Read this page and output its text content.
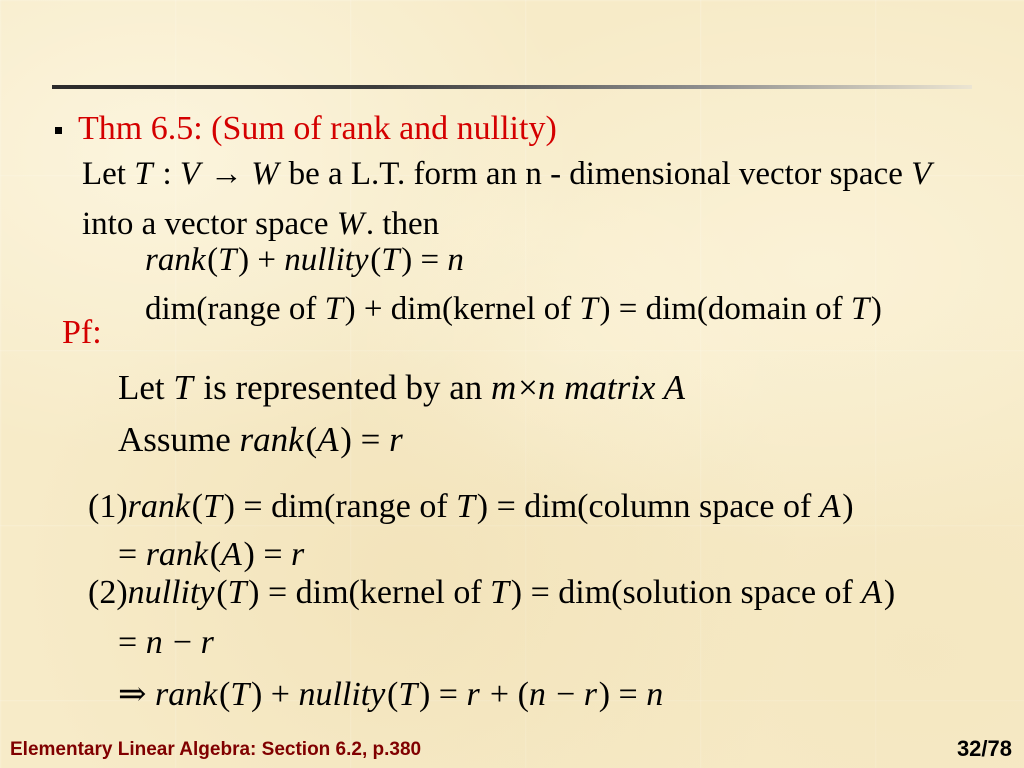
Thm 6.5: (Sum of rank and nullity)
Let T : V → W be a L.T. form an n - dimensional vector space V
into a vector space W. then
rank(T) + nullity(T) = n
dim(range of T) + dim(kernel of T) = dim(domain of T)
Pf:
Let T is represented by an m×n matrix A
Assume rank(A) = r
(1)rank(T) = dim(range of T) = dim(column space of A)
= rank(A) = r
(2)nullity(T) = dim(kernel of T) = dim(solution space of A)
= n − r
⇒ rank(T) + nullity(T) = r + (n − r) = n
Elementary Linear Algebra: Section 6.2, p.380	32/78
